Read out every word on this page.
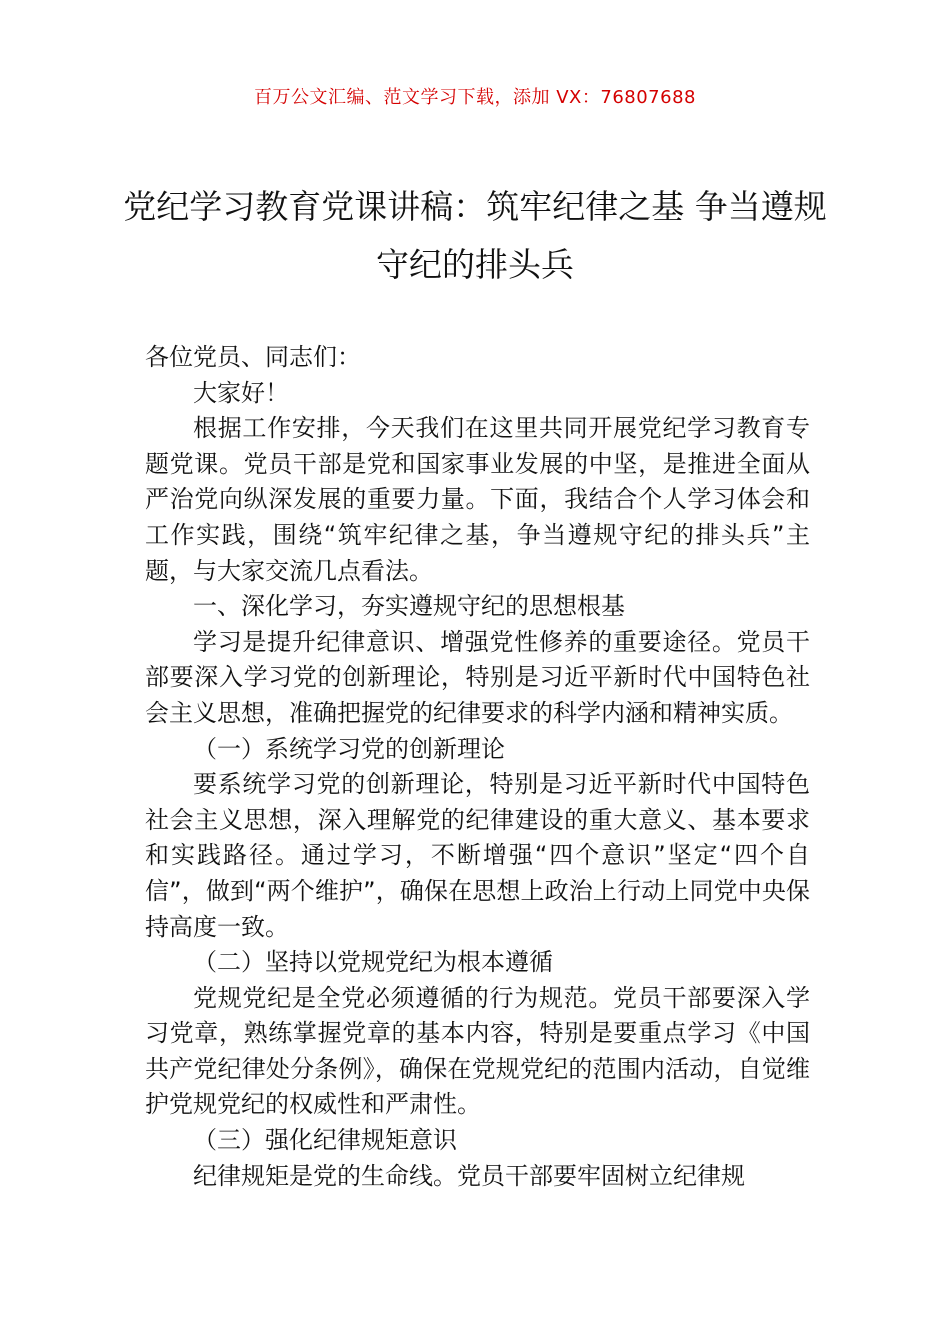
百万公文汇编、范文学习下载，添加 VX：76807688
党纪学习教育党课讲稿：筑牢纪律之基 争当遵规守纪的排头兵

各位党员、同志们：

大家好！

根据工作安排，今天我们在这里共同开展党纪学习教育专题党课。党员干部是党和国家事业发展的中坚，是推进全面从严治党向纵深发展的重要力量。下面，我结合个人学习体会和工作实践，围绕“筑牢纪律之基，争当遵规守纪的排头兵”主题，与大家交流几点看法。

一、深化学习，夯实遵规守纪的思想根基

学习是提升纪律意识、增强党性修养的重要途径。党员干部要深入学习党的创新理论，特别是习近平新时代中国特色社会主义思想，准确把握党的纪律要求的科学内涵和精神实质。

（一）系统学习党的创新理论

要系统学习党的创新理论，特别是习近平新时代中国特色社会主义思想，深入理解党的纪律建设的重大意义、基本要求和实践路径。通过学习，不断增强“四个意识”坚定“四个自信”，做到“两个维护”，确保在思想上政治上行动上同党中央保持高度一致。

（二）坚持以党规党纪为根本遵循

党规党纪是全党必须遵循的行为规范。党员干部要深入学习党章，熟练掌握党章的基本内容，特别是要重点学习《中国共产党纪律处分条例》，确保在党规党纪的范围内活动，自觉维护党规党纪的权威性和严肃性。

（三）强化纪律规矩意识

纪律规矩是党的生命线。党员干部要牢固树立纪律规
